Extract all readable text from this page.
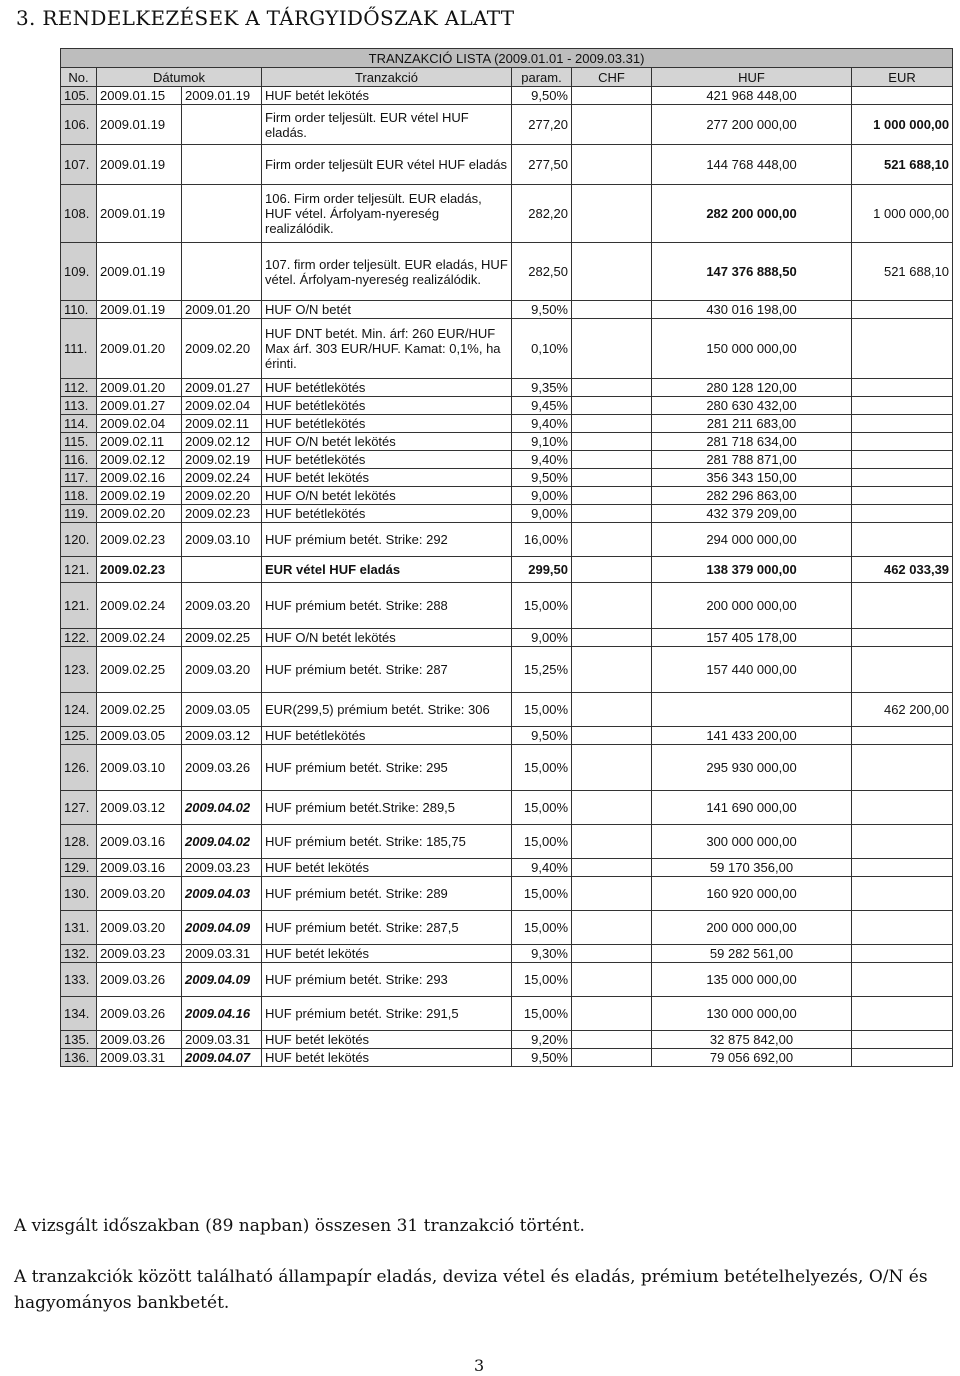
3. RENDELKEZÉSEK A TÁRGYIDŐSZAK ALATT
TRANZAKCIÓ LISTA (2009.01.01 - 2009.03.31)							
No.	Dátumok		Tranzakció	param.	CHF	HUF	EUR
105.	2009.01.15	2009.01.19	HUF betét lekötés	9,50%		421 968 448,00	
106.	2009.01.19		Firm order teljesült. EUR vétel HUF eladás.	277,20		277 200 000,00	1 000 000,00
107.	2009.01.19		Firm order teljesült EUR vétel HUF eladás	277,50		144 768 448,00	521 688,10
108.	2009.01.19		106. Firm order teljesült. EUR eladás, HUF vétel. Árfolyam-nyereség realizálódik.	282,20		282 200 000,00	1 000 000,00
109.	2009.01.19		107. firm order teljesült. EUR eladás, HUF vétel. Árfolyam-nyereség realizálódik.	282,50		147 376 888,50	521 688,10
110.	2009.01.19	2009.01.20	HUF O/N betét	9,50%		430 016 198,00	
111.	2009.01.20	2009.02.20	HUF DNT betét. Min. árf: 260 EUR/HUF Max árf. 303 EUR/HUF. Kamat: 0,1%, ha érinti.	0,10%		150 000 000,00	
112.	2009.01.20	2009.01.27	HUF betétlekötés	9,35%		280 128 120,00	
113.	2009.01.27	2009.02.04	HUF betétlekötés	9,45%		280 630 432,00	
114.	2009.02.04	2009.02.11	HUF betétlekötés	9,40%		281 211 683,00	
115.	2009.02.11	2009.02.12	HUF O/N betét lekötés	9,10%		281 718 634,00	
116.	2009.02.12	2009.02.19	HUF betétlekötés	9,40%		281 788 871,00	
117.	2009.02.16	2009.02.24	HUF betét lekötés	9,50%		356 343 150,00	
118.	2009.02.19	2009.02.20	HUF O/N betét lekötés	9,00%		282 296 863,00	
119.	2009.02.20	2009.02.23	HUF betétlekötés	9,00%		432 379 209,00	
120.	2009.02.23	2009.03.10	HUF prémium betét. Strike: 292	16,00%		294 000 000,00	
121.	2009.02.23		EUR vétel HUF eladás	299,50		138 379 000,00	462 033,39
121.	2009.02.24	2009.03.20	HUF prémium betét. Strike: 288	15,00%		200 000 000,00	
122.	2009.02.24	2009.02.25	HUF O/N betét lekötés	9,00%		157 405 178,00	
123.	2009.02.25	2009.03.20	HUF prémium betét. Strike: 287	15,25%		157 440 000,00	
124.	2009.02.25	2009.03.05	EUR(299,5) prémium betét. Strike: 306	15,00%			462 200,00
125.	2009.03.05	2009.03.12	HUF betétlekötés	9,50%		141 433 200,00	
126.	2009.03.10	2009.03.26	HUF prémium betét. Strike: 295	15,00%		295 930 000,00	
127.	2009.03.12	2009.04.02	HUF prémium betét.Strike: 289,5	15,00%		141 690 000,00	
128.	2009.03.16	2009.04.02	HUF prémium betét. Strike: 185,75	15,00%		300 000 000,00	
129.	2009.03.16	2009.03.23	HUF betét lekötés	9,40%		59 170 356,00	
130.	2009.03.20	2009.04.03	HUF prémium betét. Strike: 289	15,00%		160 920 000,00	
131.	2009.03.20	2009.04.09	HUF prémium betét. Strike: 287,5	15,00%		200 000 000,00	
132.	2009.03.23	2009.03.31	HUF betét lekötés	9,30%		59 282 561,00	
133.	2009.03.26	2009.04.09	HUF prémium betét. Strike: 293	15,00%		135 000 000,00	
134.	2009.03.26	2009.04.16	HUF prémium betét. Strike: 291,5	15,00%		130 000 000,00	
135.	2009.03.26	2009.03.31	HUF betét lekötés	9,20%		32 875 842,00	
136.	2009.03.31	2009.04.07	HUF betét lekötés	9,50%		79 056 692,00	
A vizsgált időszakban (89 napban) összesen 31 tranzakció történt.
A tranzakciók között található állampapír eladás, deviza vétel és eladás, prémium betételhelyezés, O/N és hagyományos bankbetét.
3
